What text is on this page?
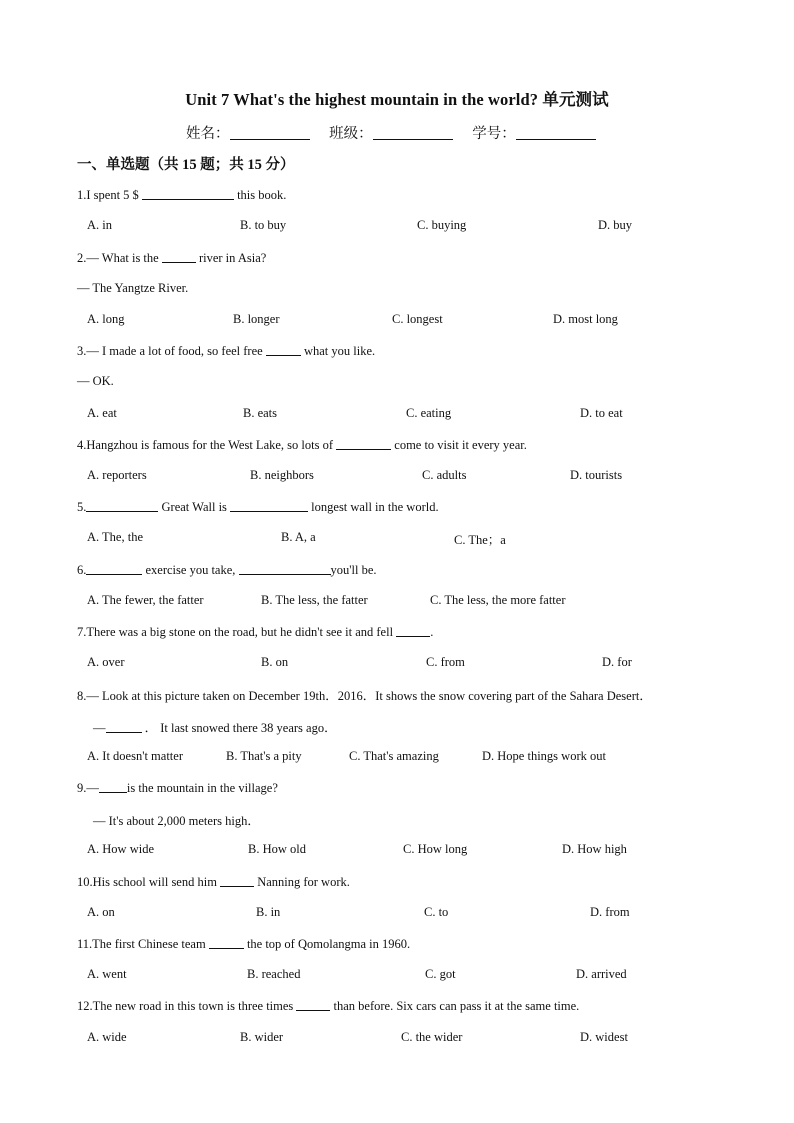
Unit 7 What's the highest mountain in the world? 单元测试
姓名：	班级：	学号：
一、单选题（共 15 题；共 15 分）
1.I spent 5 $	this book.
A. in	B. to buy	C. buying	D. buy
2.— What is the	river in Asia?
— The Yangtze River.
A. long	B. longer	C. longest	D. most long
3.— I made a lot of food, so feel free	what you like.
— OK.
A. eat	B. eats	C. eating	D. to eat
4.Hangzhou is famous for the West Lake, so lots of	come to visit it every year.
A. reporters	B. neighbors	C. adults	D. tourists
5.	Great Wall is	longest wall in the world.
A. The, the	B. A, a	C. The；a
6.	exercise you take,	you'll be.
A. The fewer, the fatter	B. The less, the fatter	C. The less, the more fatter
7.There was a big stone on the road, but he didn't see it and fell	.
A. over	B. on	C. from	D. for
8.— Look at this picture taken on December 19th．2016．It shows the snow covering part of the Sahara Desert．
—	． It last snowed there 38 years ago．
A. It doesn't matter	B. That's a pity	C. That's amazing	D. Hope things work out
9.— is the mountain in the village?
— It's about 2,000 meters high．
A. How wide	B. How old	C. How long	D. How high
10.His school will send him	Nanning for work.
A. on	B. in	C. to	D. from
11.The first Chinese team	the top of Qomolangma in 1960.
A. went	B. reached	C. got	D. arrived
12.The new road in this town is three times	than before. Six cars can pass it at the same time.
A. wide	B. wider	C. the wider	D. widest
